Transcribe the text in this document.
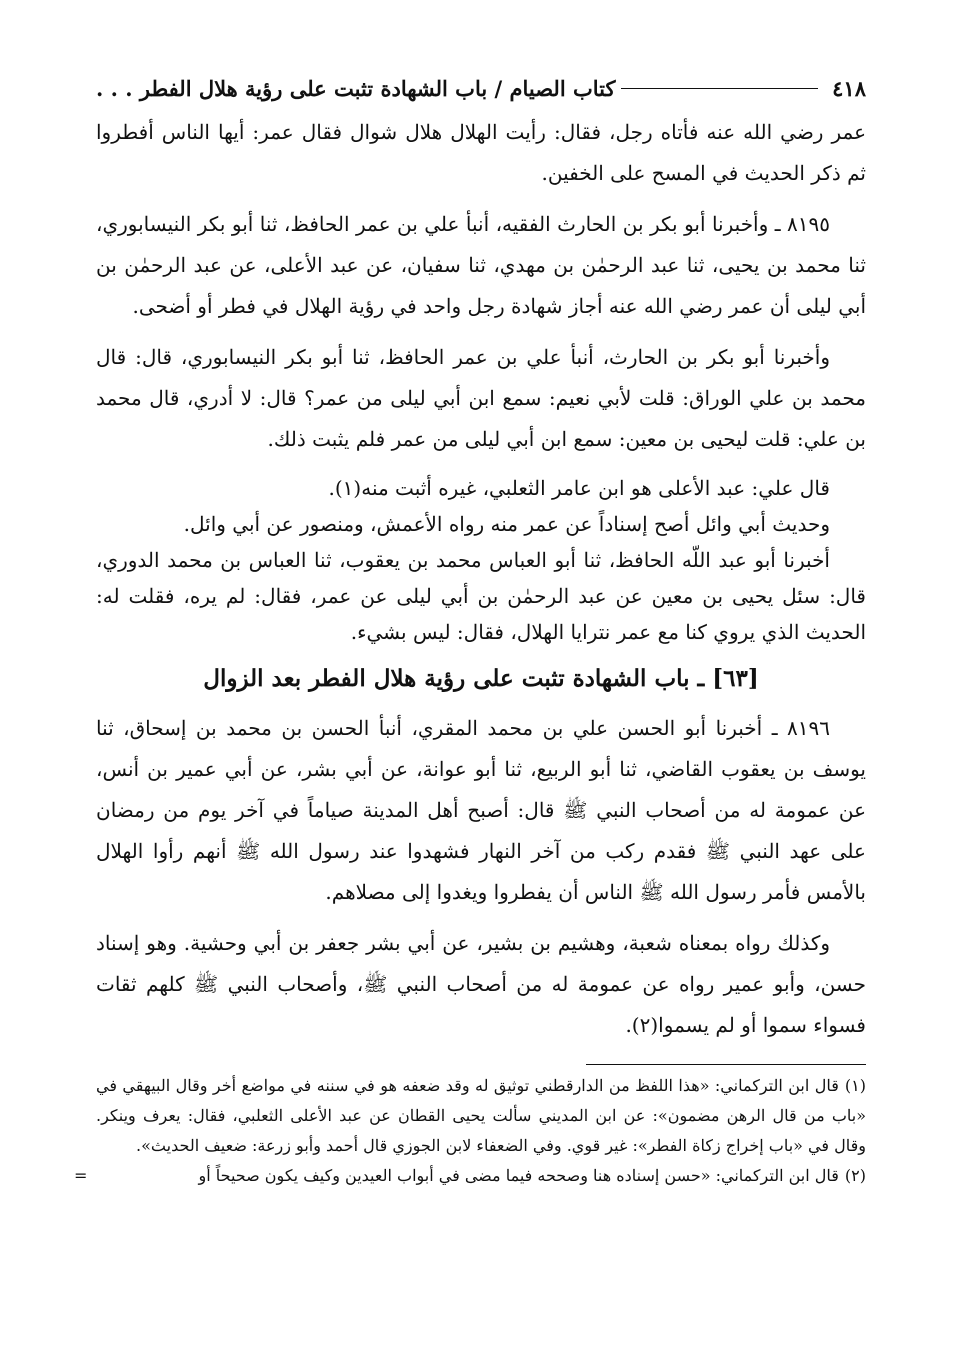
٤١٨
كتاب الصيام / باب الشهادة تثبت على رؤية هلال الفطر . . .

عمر رضي الله عنه فأتاه رجل، فقال: رأيت الهلال هلال شوال فقال عمر: أيها الناس أفطروا ثم ذكر الحديث في المسح على الخفين.

٨١٩٥ ـ وأخبرنا أبو بكر بن الحارث الفقيه، أنبأ علي بن عمر الحافظ، ثنا أبو بكر النيسابوري، ثنا محمد بن يحيى، ثنا عبد الرحمٰن بن مهدي، ثنا سفيان، عن عبد الأعلى، عن عبد الرحمٰن بن أبي ليلى أن عمر رضي الله عنه أجاز شهادة رجل واحد في رؤية الهلال في فطر أو أضحى.

وأخبرنا أبو بكر بن الحارث، أنبأ علي بن عمر الحافظ، ثنا أبو بكر النيسابوري، قال: قال محمد بن علي الوراق: قلت لأبي نعيم: سمع ابن أبي ليلى من عمر؟ قال: لا أدري، قال محمد بن علي: قلت ليحيى بن معين: سمع ابن أبي ليلى من عمر فلم يثبت ذلك.

قال علي: عبد الأعلى هو ابن عامر الثعلبي، غيره أثبت منه(١).

وحديث أبي وائل أصح إسناداً عن عمر منه رواه الأعمش، ومنصور عن أبي وائل.

أخبرنا أبو عبد اللّه الحافظ، ثنا أبو العباس محمد بن يعقوب، ثنا العباس بن محمد الدوري، قال: سئل يحيى بن معين عن عبد الرحمٰن بن أبي ليلى عن عمر، فقال: لم يره، فقلت له: الحديث الذي يروي كنا مع عمر نترايا الهلال، فقال: ليس بشيء.

[٦٣] ـ باب الشهادة تثبت على رؤية هلال الفطر بعد الزوال

٨١٩٦ ـ أخبرنا أبو الحسن علي بن محمد المقري، أنبأ الحسن بن محمد بن إسحاق، ثنا يوسف بن يعقوب القاضي، ثنا أبو الربيع، ثنا أبو عوانة، عن أبي بشر، عن أبي عمير بن أنس، عن عمومة له من أصحاب النبي ﷺ قال: أصبح أهل المدينة صياماً في آخر يوم من رمضان على عهد النبي ﷺ فقدم ركب من آخر النهار فشهدوا عند رسول الله ﷺ أنهم رأوا الهلال بالأمس فأمر رسول الله ﷺ الناس أن يفطروا ويغدوا إلى مصلاهم.

وكذلك رواه بمعناه شعبة، وهشيم بن بشير، عن أبي بشر جعفر بن أبي وحشية. وهو إسناد حسن، وأبو عمير رواه عن عمومة له من أصحاب النبي ﷺ، وأصحاب النبي ﷺ كلهم ثقات فسواء سموا أو لم يسموا(٢).

(١)قال ابن التركماني: «هذا اللفظ من الدارقطني توثيق له وقد ضعفه هو في سننه في مواضع أخر وقال البيهقي في «باب من قال الرهن مضمون»: عن ابن المديني سألت يحيى القطان عن عبد الأعلى الثعلبي، فقال: يعرف وينكر. وقال في «باب إخراج زكاة الفطر»: غير قوي. وفي الضعفاء لابن الجوزي قال أحمد وأبو زرعة: ضعيف الحديث».

(٢)قال ابن التركماني: «حسن إسناده هنا وصححه فيما مضى في أبواب العيدين وكيف يكون صحيحاً أو
=
